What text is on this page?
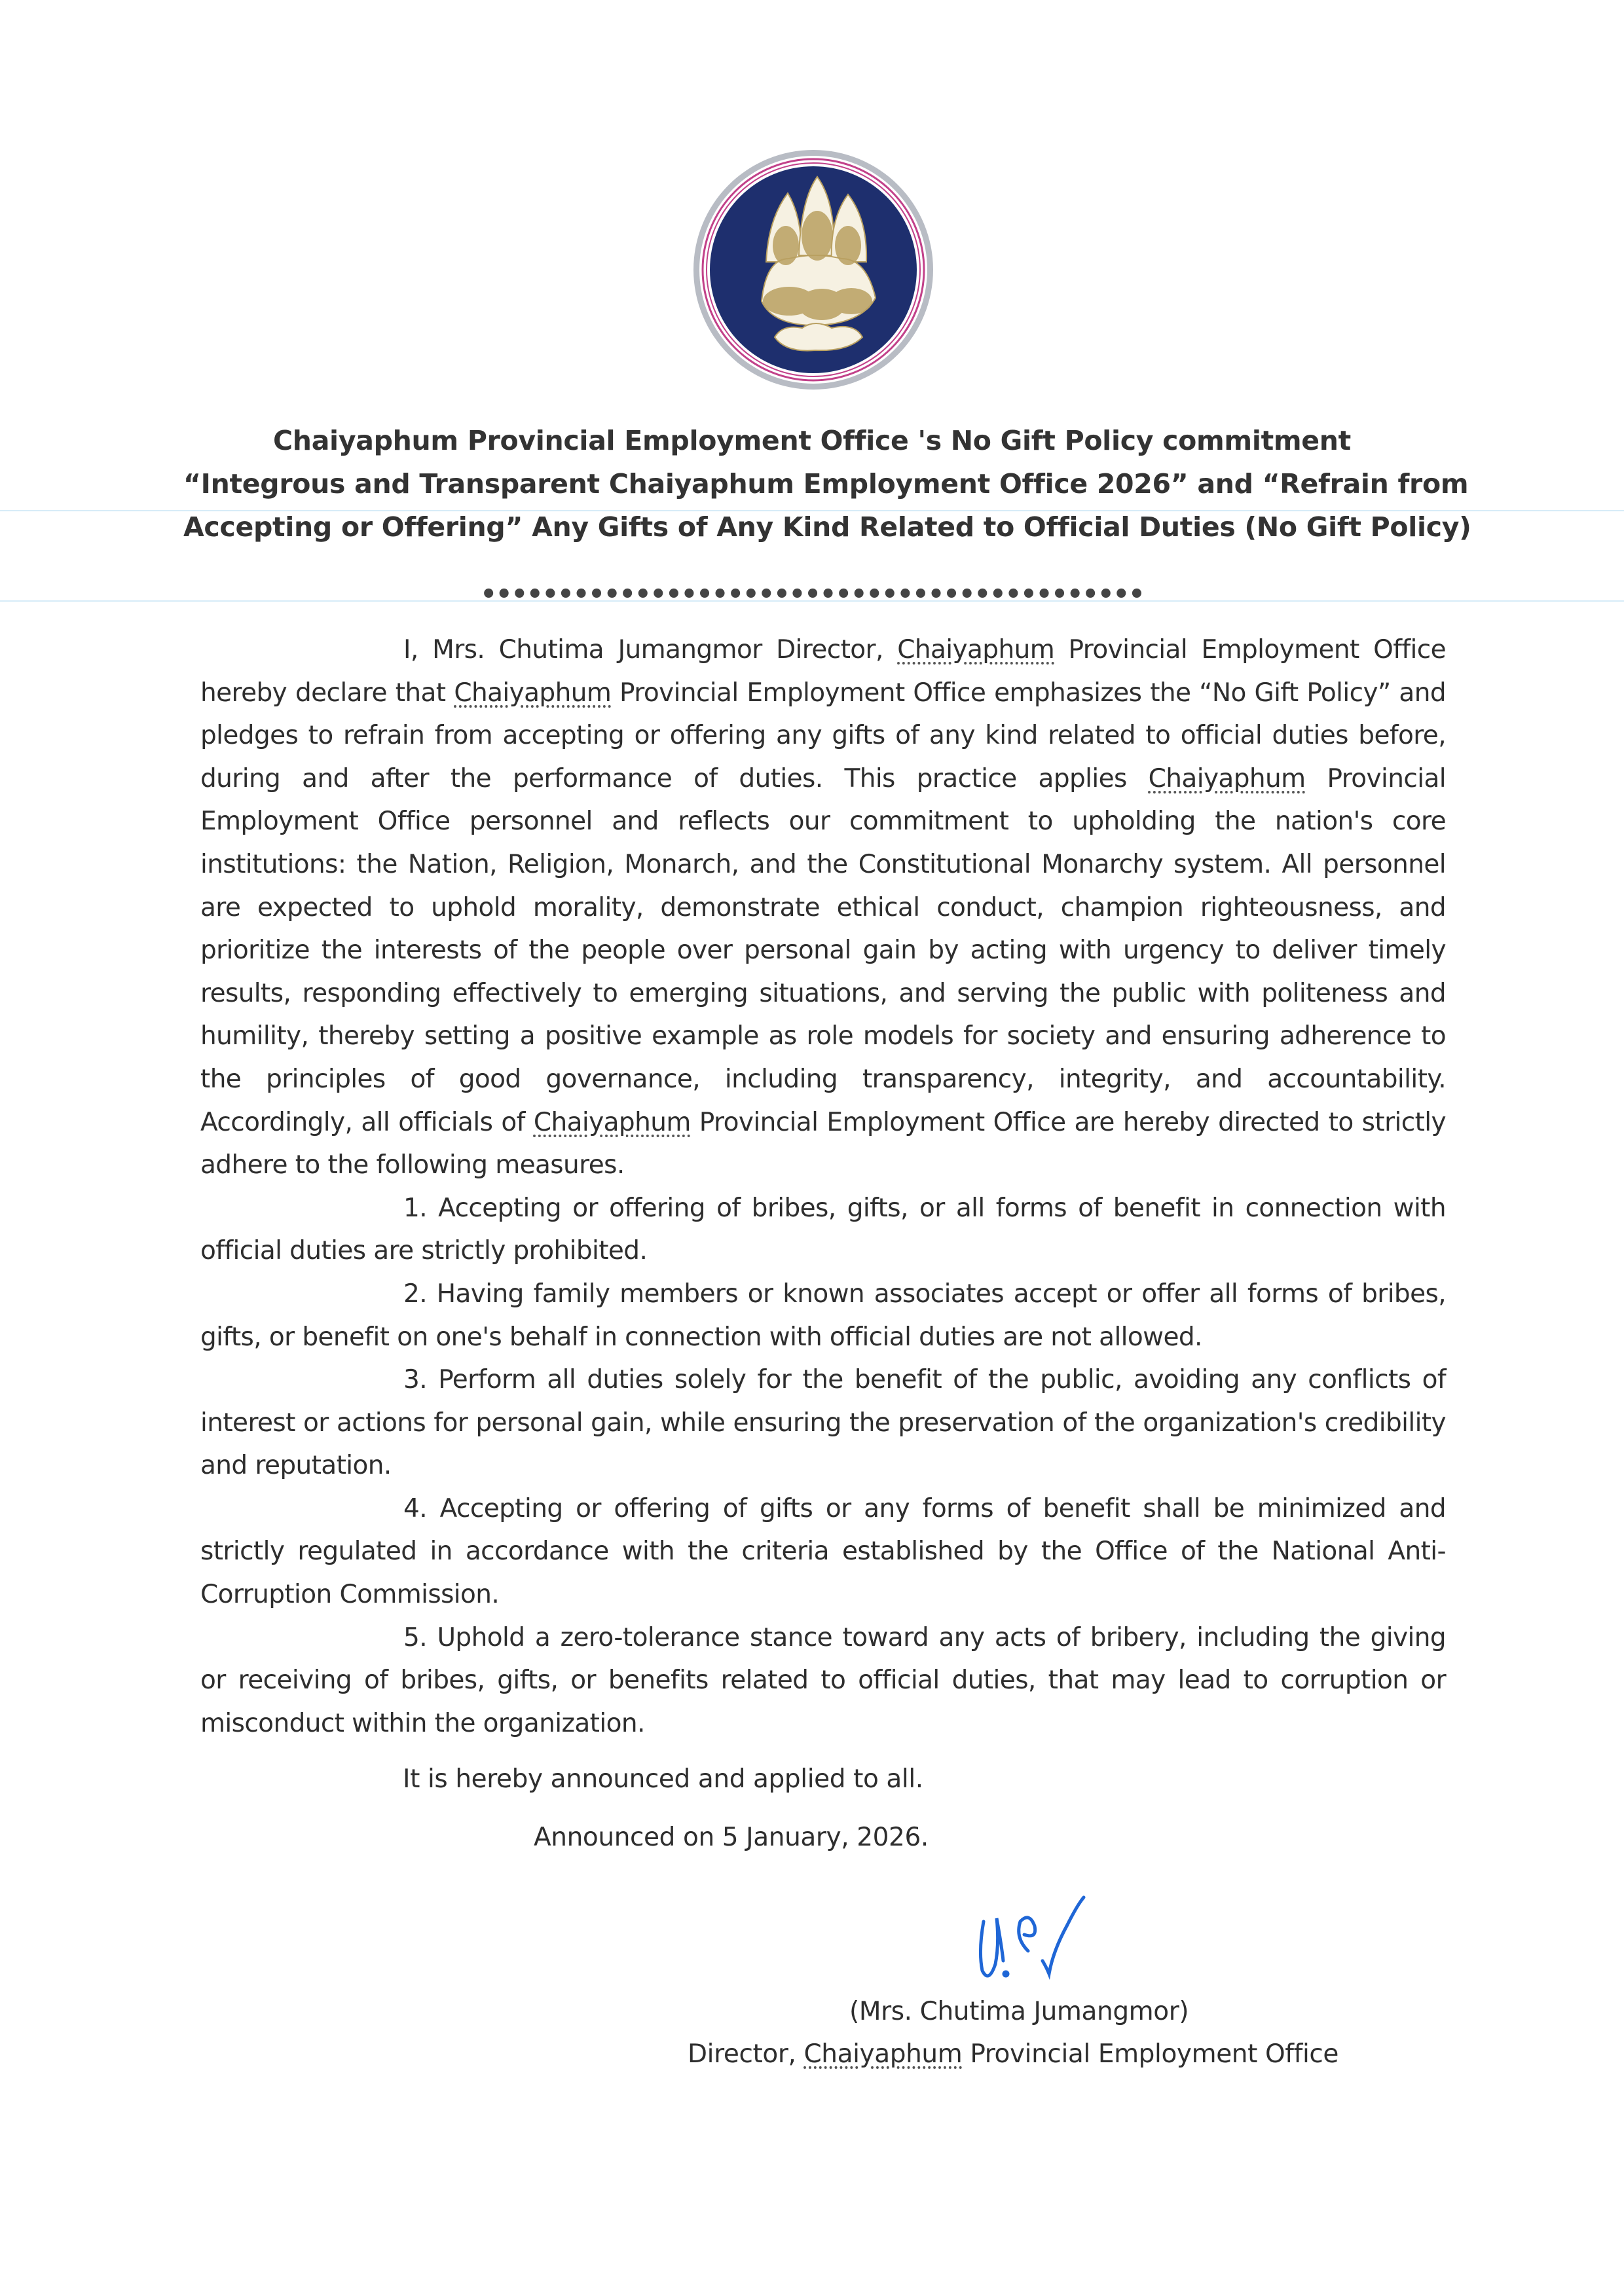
Chaiyaphum Provincial Employment Office 's No Gift Policy commitment
“Integrous and Transparent Chaiyaphum Employment Office 2026” and “Refrain from
Accepting or Offering” Any Gifts of Any Kind Related to Official Duties (No Gift Policy)
•••••••••••••••••••••••••••••••••••••••••••

I, Mrs. Chutima Jumangmor Director, Chaiyaphum Provincial Employment Office hereby declare that Chaiyaphum Provincial Employment Office emphasizes the “No Gift Policy” and pledges to refrain from accepting or offering any gifts of any kind related to official duties before, during and after the performance of duties. This practice applies Chaiyaphum Provincial Employment Office personnel and reflects our commitment to upholding the nation's core institutions: the Nation, Religion, Monarch, and the Constitutional Monarchy system. All personnel are expected to uphold morality, demonstrate ethical conduct, champion righteousness, and prioritize the interests of the people over personal gain by acting with urgency to deliver timely results, responding effectively to emerging situations, and serving the public with politeness and humility, thereby setting a positive example as role models for society and ensuring adherence to the principles of good governance, including transparency, integrity, and accountability. Accordingly, all officials of Chaiyaphum Provincial Employment Office are hereby directed to strictly adhere to the following measures.

1. Accepting or offering of bribes, gifts, or all forms of benefit in connection with official duties are strictly prohibited.

2. Having family members or known associates accept or offer all forms of bribes, gifts, or benefit on one's behalf in connection with official duties are not allowed.

3. Perform all duties solely for the benefit of the public, avoiding any conflicts of interest or actions for personal gain, while ensuring the preservation of the organization's credibility and reputation.

4. Accepting or offering of gifts or any forms of benefit shall be minimized and strictly regulated in accordance with the criteria established by the Office of the National Anti-Corruption Commission.

5. Uphold a zero-tolerance stance toward any acts of bribery, including the giving or receiving of bribes, gifts, or benefits related to official duties, that may lead to corruption or misconduct within the organization.

It is hereby announced and applied to all.
Announced on 5 January, 2026.
(Mrs. Chutima Jumangmor)
Director, Chaiyaphum Provincial Employment Office
